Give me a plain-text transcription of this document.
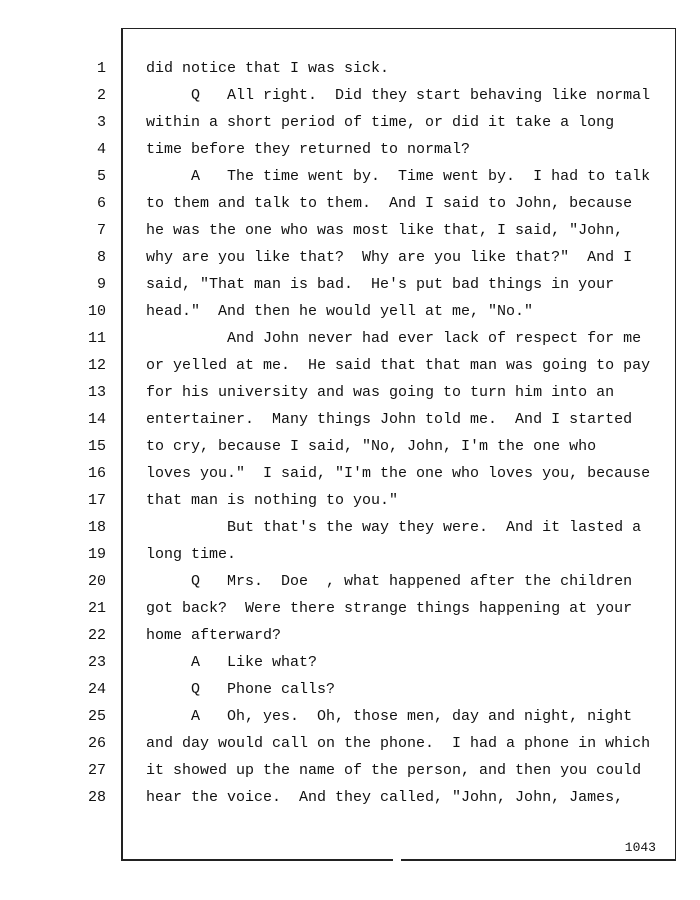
1	did notice that I was sick.
2	Q   All right.  Did they start behaving like normal
3	within a short period of time, or did it take a long
4	time before they returned to normal?
5	A   The time went by.  Time went by.  I had to talk
6	to them and talk to them.  And I said to John, because
7	he was the one who was most like that, I said, "John,
8	why are you like that?  Why are you like that?"  And I
9	said, "That man is bad.  He's put bad things in your
10	head."  And then he would yell at me, "No."
11	And John never had ever lack of respect for me
12	or yelled at me.  He said that that man was going to pay
13	for his university and was going to turn him into an
14	entertainer.  Many things John told me.  And I started
15	to cry, because I said, "No, John, I'm the one who
16	loves you."  I said, "I'm the one who loves you, because
17	that man is nothing to you."
18	But that's the way they were.  And it lasted a
19	long time.
20	Q   Mrs.  Doe  , what happened after the children
21	got back?  Were there strange things happening at your
22	home afterward?
23	A   Like what?
24	Q   Phone calls?
25	A   Oh, yes.  Oh, those men, day and night, night
26	and day would call on the phone.  I had a phone in which
27	it showed up the name of the person, and then you could
28	hear the voice.  And they called, "John, John, James,
1043
